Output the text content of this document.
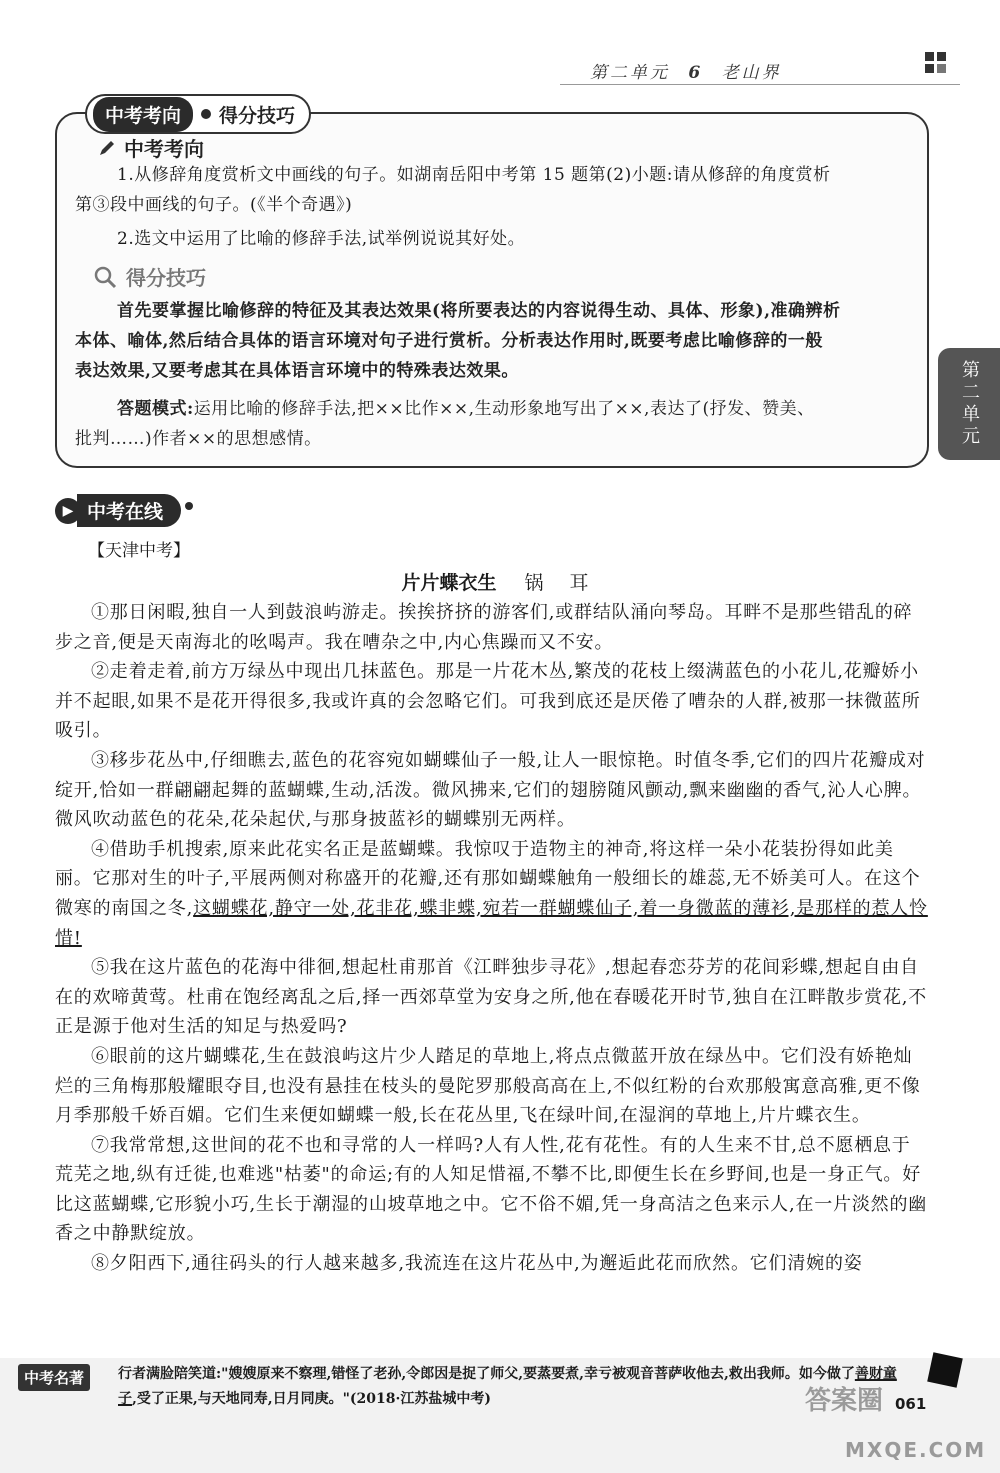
第二单元 6 老山界
中考考向	得分技巧
中考考向
1.从修辞角度赏析文中画线的句子。如湖南岳阳中考第 15 题第(2)小题:请从修辞的角度赏析
第③段中画线的句子。(《半个奇遇》)
2.选文中运用了比喻的修辞手法,试举例说说其好处。
得分技巧
首先要掌握比喻修辞的特征及其表达效果(将所要表达的内容说得生动、具体、形象),准确辨析
本体、喻体,然后结合具体的语言环境对句子进行赏析。分析表达作用时,既要考虑比喻修辞的一般
表达效果,又要考虑其在具体语言环境中的特殊表达效果。
答题模式:运用比喻的修辞手法,把××比作××,生动形象地写出了××,表达了(抒发、赞美、
批判……)作者××的思想感情。	第二单元
▶ 中考在线
【天津中考】
片片蝶衣生 锅 耳

①那日闲暇,独自一人到鼓浪屿游走。挨挨挤挤的游客们,或群结队涌向琴岛。耳畔不是那些错乱的碎步之音,便是天南海北的吆喝声。我在嘈杂之中,内心焦躁而又不安。

②走着走着,前方万绿丛中现出几抹蓝色。那是一片花木丛,繁茂的花枝上缀满蓝色的小花儿,花瓣娇小并不起眼,如果不是花开得很多,我或许真的会忽略它们。可我到底还是厌倦了嘈杂的人群,被那一抹微蓝所吸引。

③移步花丛中,仔细瞧去,蓝色的花容宛如蝴蝶仙子一般,让人一眼惊艳。时值冬季,它们的四片花瓣成对绽开,恰如一群翩翩起舞的蓝蝴蝶,生动,活泼。微风拂来,它们的翅膀随风颤动,飘来幽幽的香气,沁人心脾。微风吹动蓝色的花朵,花朵起伏,与那身披蓝衫的蝴蝶别无两样。

④借助手机搜索,原来此花实名正是蓝蝴蝶。我惊叹于造物主的神奇,将这样一朵小花装扮得如此美丽。它那对生的叶子,平展两侧对称盛开的花瓣,还有那如蝴蝶触角一般细长的雄蕊,无不娇美可人。在这个微寒的南国之冬,这蝴蝶花,静守一处,花非花,蝶非蝶,宛若一群蝴蝶仙子,着一身微蓝的薄衫,是那样的惹人怜惜!

⑤我在这片蓝色的花海中徘徊,想起杜甫那首《江畔独步寻花》,想起春恋芬芳的花间彩蝶,想起自由自在的欢啼黄莺。杜甫在饱经离乱之后,择一西郊草堂为安身之所,他在春暖花开时节,独自在江畔散步赏花,不正是源于他对生活的知足与热爱吗?

⑥眼前的这片蝴蝶花,生在鼓浪屿这片少人踏足的草地上,将点点微蓝开放在绿丛中。它们没有娇艳灿烂的三角梅那般耀眼夺目,也没有悬挂在枝头的曼陀罗那般高高在上,不似红粉的台欢那般寓意高雅,更不像月季那般千娇百媚。它们生来便如蝴蝶一般,长在花丛里,飞在绿叶间,在湿润的草地上,片片蝶衣生。

⑦我常常想,这世间的花不也和寻常的人一样吗?人有人性,花有花性。有的人生来不甘,总不愿栖息于荒芜之地,纵有迁徙,也难逃"枯萎"的命运;有的人知足惜福,不攀不比,即便生长在乡野间,也是一身正气。好比这蓝蝴蝶,它形貌小巧,生长于潮湿的山坡草地之中。它不俗不媚,凭一身高洁之色来示人,在一片淡然的幽香之中静默绽放。

⑧夕阳西下,通往码头的行人越来越多,我流连在这片花丛中,为邂逅此花而欣然。它们清婉的姿

中考名著	行者满脸陪笑道:"嫂嫂原来不察理,错怪了老孙,令郎因是捉了师父,要蒸要煮,幸亏被观音菩萨收他去,救出我师。如今做了善财童子,受了正果,与天地同寿,日月同庚。"(2018·江苏盐城中考)	答案圈 061
MXQE.COM
